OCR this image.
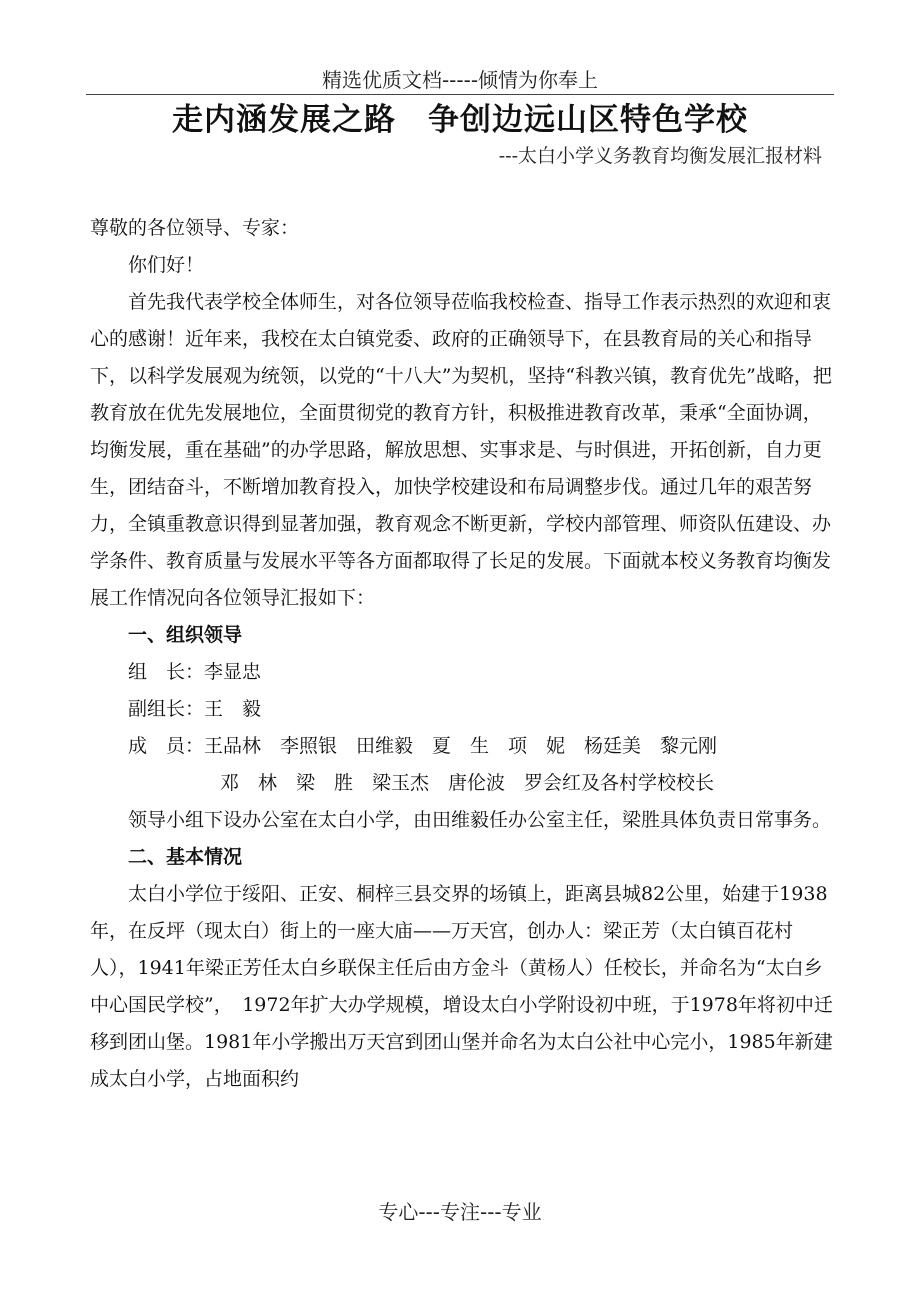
精选优质文档-----倾情为你奉上
走内涵发展之路　争创边远山区特色学校
---太白小学义务教育均衡发展汇报材料

尊敬的各位领导、专家：

你们好！

首先我代表学校全体师生，对各位领导莅临我校检查、指导工作表示热烈的欢迎和衷心的感谢！近年来，我校在太白镇党委、政府的正确领导下，在县教育局的关心和指导下，以科学发展观为统领，以党的“十八大”为契机，坚持“科教兴镇，教育优先”战略，把教育放在优先发展地位，全面贯彻党的教育方针，积极推进教育改革，秉承“全面协调，均衡发展，重在基础”的办学思路，解放思想、实事求是、与时俱进，开拓创新，自力更生，团结奋斗，不断增加教育投入，加快学校建设和布局调整步伐。通过几年的艰苦努力，全镇重教意识得到显著加强，教育观念不断更新，学校内部管理、师资队伍建设、办学条件、教育质量与发展水平等各方面都取得了长足的发展。下面就本校义务教育均衡发展工作情况向各位领导汇报如下：

一、组织领导

组　长：李显忠

副组长：王　毅

成　员：王品林　李照银　田维毅　夏　生　项　妮　杨廷美　黎元刚

邓　林　梁　胜　梁玉杰　唐伦波　罗会红及各村学校校长

领导小组下设办公室在太白小学，由田维毅任办公室主任，梁胜具体负责日常事务。

二、基本情况

太白小学位于绥阳、正安、桐梓三县交界的场镇上，距离县城82公里，始建于1938年，在反坪（现太白）街上的一座大庙——万天宫，创办人：梁正芳（太白镇百花村人），1941年梁正芳任太白乡联保主任后由方金斗（黄杨人）任校长，并命名为“太白乡中心国民学校”，　1972年扩大办学规模，增设太白小学附设初中班，于1978年将初中迁移到团山堡。1981年小学搬出万天宫到团山堡并命名为太白公社中心完小，1985年新建成太白小学，占地面积约

专心---专注---专业
